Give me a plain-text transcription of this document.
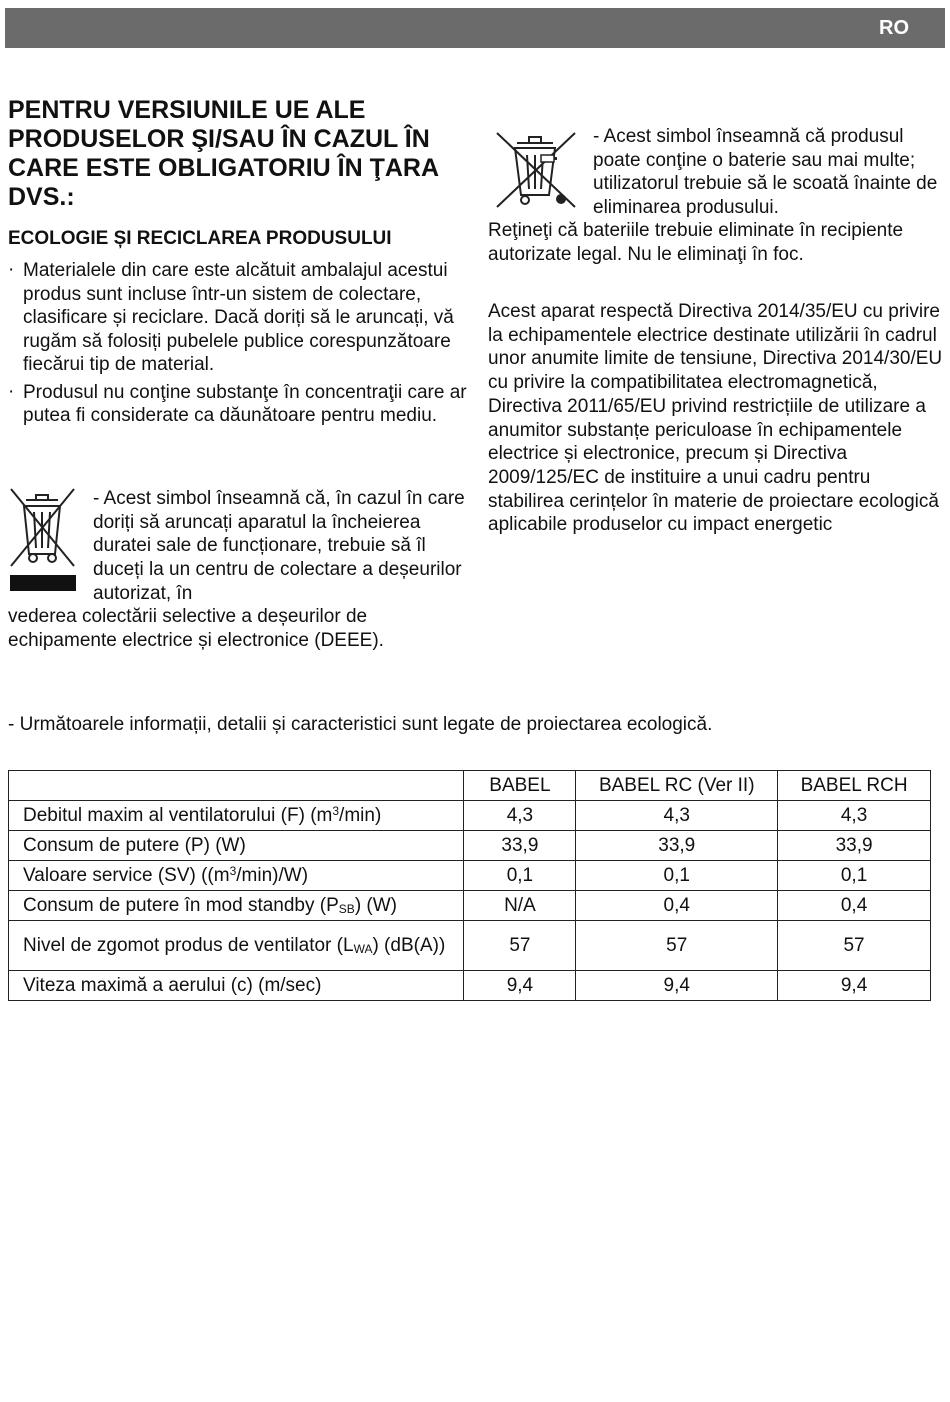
RO
PENTRU VERSIUNILE UE ALE PRODUSELOR ŞI/SAU ÎN CAZUL ÎN CARE ESTE OBLIGATORIU ÎN ŢARA DVS.:
ECOLOGIE ȘI RECICLAREA PRODUSULUI
· Materialele din care este alcătuit ambalajul acestui produs sunt incluse într-un sistem de colectare, clasificare și reciclare. Dacă doriți să le aruncați, vă rugăm să folosiți pubelele publice corespunzătoare fiecărui tip de material.
· Produsul nu conţine substanţe în concentraţii care ar putea fi considerate ca dăunătoare pentru mediu.
- Acest simbol înseamnă că, în cazul în care doriți să aruncați aparatul la încheierea duratei sale de funcționare, trebuie să îl duceți la un centru de colectare a deșeurilor autorizat, în
vederea colectării selective a deșeurilor de echipamente electrice și electronice (DEEE).
- Acest simbol înseamnă că produsul poate conţine o baterie sau mai multe; utilizatorul trebuie să le scoată înainte de eliminarea produsului.
Reţineţi că bateriile trebuie eliminate în recipiente autorizate legal. Nu le eliminaţi în foc.
Acest aparat respectă Directiva 2014/35/EU cu privire la echipamentele electrice destinate utilizării în cadrul unor anumite limite de tensiune, Directiva 2014/30/EU cu privire la compatibilitatea electromagnetică, Directiva 2011/65/EU privind restricțiile de utilizare a anumitor substanțe periculoase în echipamentele electrice și electronice, precum și Directiva 2009/125/EC de instituire a unui cadru pentru stabilirea cerințelor în materie de proiectare ecologică aplicabile produselor cu impact energetic
- Următoarele informații, detalii și caracteristici sunt legate de proiectarea ecologică.
	BABEL	BABEL RC (Ver II)	BABEL RCH
Debitul maxim al ventilatorului (F) $(m^3/\min)$	4,3	4,3	4,3
Consum de putere (P) (W)	33,9	33,9	33,9
Valoare service (SV) $((m^3/\min)/W)$	0,1	0,1	0,1
Consum de putere în mod standby $(P_{SB})$ (W)	N/A	0,4	0,4
Nivel de zgomot produs de ventilator $(L_{WA})$ (dB(A))	57	57	57
Viteza maximă a aerului (c) (m/sec)	9,4	9,4	9,4
